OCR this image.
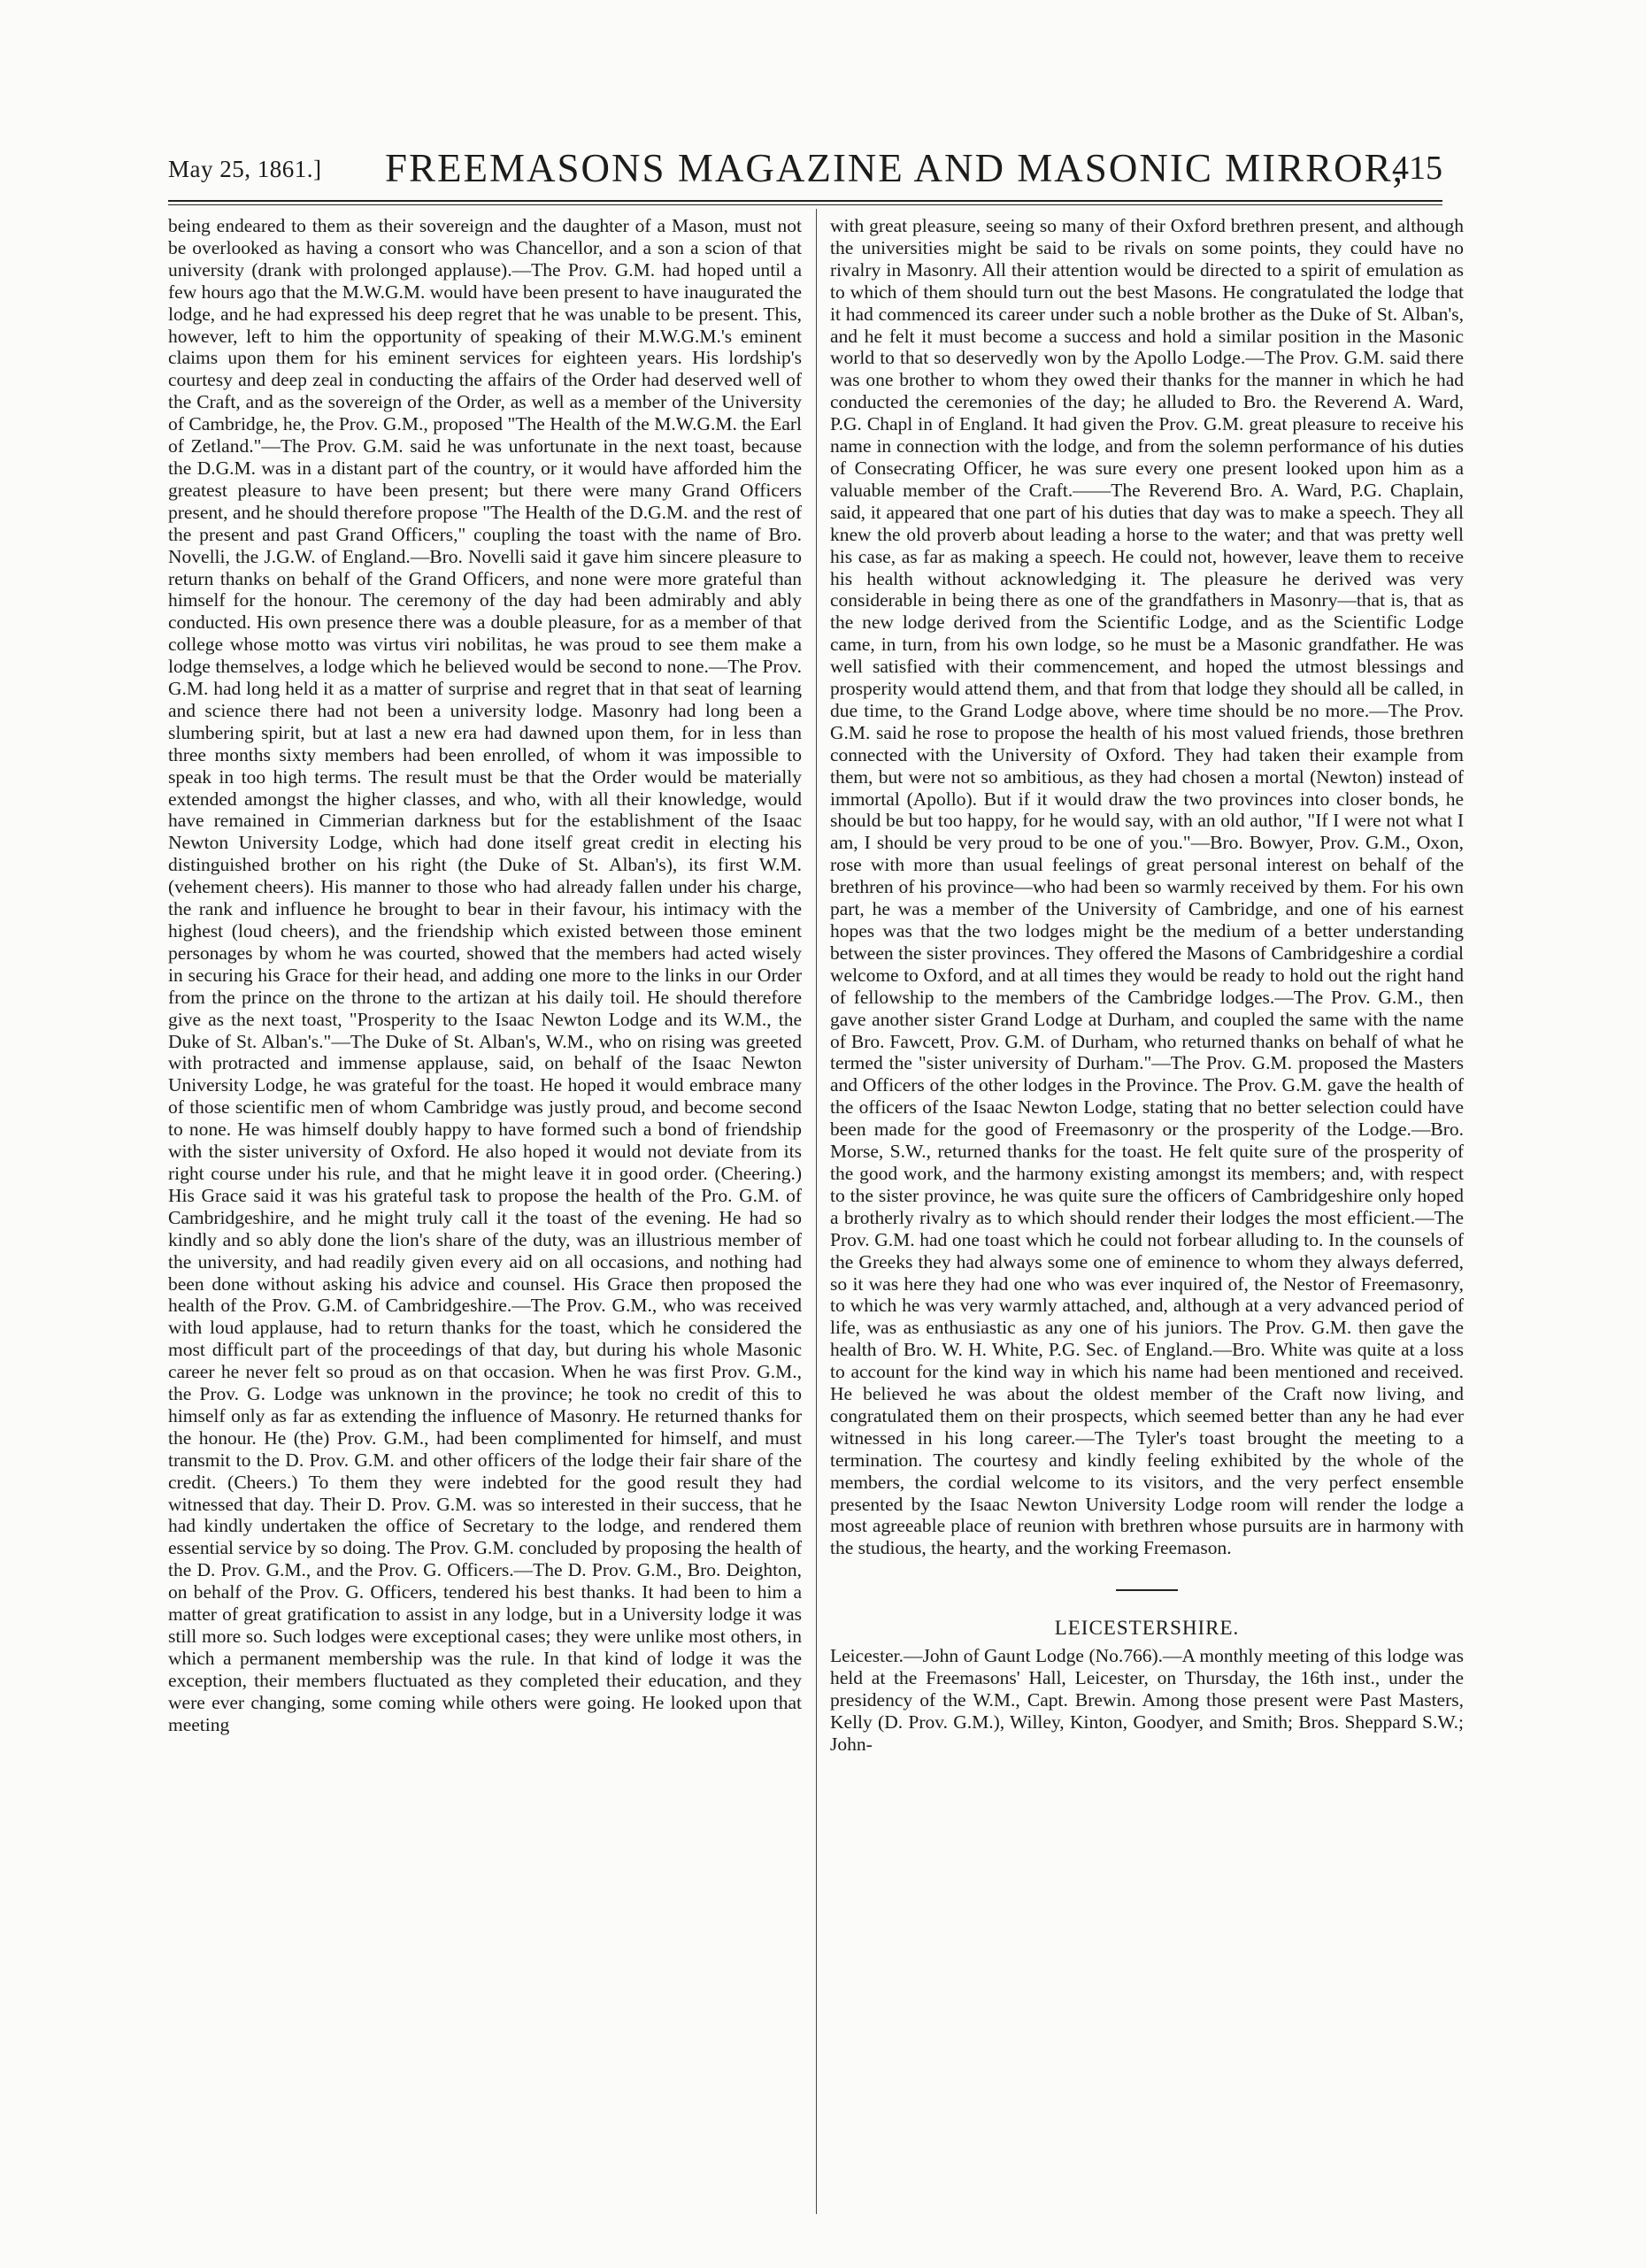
May 25, 1861.] FREEMASONS MAGAZINE AND MASONIC MIRROR,
415

being endeared to them as their sovereign and the daughter of a Mason, must not be overlooked as having a consort who was Chancellor, and a son a scion of that university (drank with prolonged applause).—The Prov. G.M. had hoped until a few hours ago that the M.W.G.M. would have been present to have inaugurated the lodge, and he had expressed his deep regret that he was unable to be present. This, however, left to him the opportunity of speaking of their M.W.G.M.'s eminent claims upon them for his eminent services for eighteen years. His lordship's courtesy and deep zeal in conducting the affairs of the Order had deserved well of the Craft, and as the sovereign of the Order, as well as a member of the University of Cambridge, he, the Prov. G.M., proposed "The Health of the M.W.G.M. the Earl of Zetland."—The Prov. G.M. said he was unfortunate in the next toast, because the D.G.M. was in a distant part of the country, or it would have afforded him the greatest pleasure to have been present; but there were many Grand Officers present, and he should therefore propose "The Health of the D.G.M. and the rest of the present and past Grand Officers," coupling the toast with the name of Bro. Novelli, the J.G.W. of England.—Bro. Novelli said it gave him sincere pleasure to return thanks on behalf of the Grand Officers, and none were more grateful than himself for the honour. The ceremony of the day had been admirably and ably conducted. His own presence there was a double pleasure, for as a member of that college whose motto was virtus viri nobilitas, he was proud to see them make a lodge themselves, a lodge which he believed would be second to none.—The Prov. G.M. had long held it as a matter of surprise and regret that in that seat of learning and science there had not been a university lodge. Masonry had long been a slumbering spirit, but at last a new era had dawned upon them, for in less than three months sixty members had been enrolled, of whom it was impossible to speak in too high terms. The result must be that the Order would be materially extended amongst the higher classes, and who, with all their knowledge, would have remained in Cimmerian darkness but for the establishment of the Isaac Newton University Lodge, which had done itself great credit in electing his distinguished brother on his right (the Duke of St. Alban's), its first W.M. (vehement cheers). His manner to those who had already fallen under his charge, the rank and influence he brought to bear in their favour, his intimacy with the highest (loud cheers), and the friendship which existed between those eminent personages by whom he was courted, showed that the members had acted wisely in securing his Grace for their head, and adding one more to the links in our Order from the prince on the throne to the artizan at his daily toil. He should therefore give as the next toast, "Prosperity to the Isaac Newton Lodge and its W.M., the Duke of St. Alban's."—The Duke of St. Alban's, W.M., who on rising was greeted with protracted and immense applause, said, on behalf of the Isaac Newton University Lodge, he was grateful for the toast. He hoped it would embrace many of those scientific men of whom Cambridge was justly proud, and become second to none. He was himself doubly happy to have formed such a bond of friendship with the sister university of Oxford. He also hoped it would not deviate from its right course under his rule, and that he might leave it in good order. (Cheering.) His Grace said it was his grateful task to propose the health of the Pro. G.M. of Cambridgeshire, and he might truly call it the toast of the evening. He had so kindly and so ably done the lion's share of the duty, was an illustrious member of the university, and had readily given every aid on all occasions, and nothing had been done without asking his advice and counsel. His Grace then proposed the health of the Prov. G.M. of Cambridgeshire.—The Prov. G.M., who was received with loud applause, had to return thanks for the toast, which he considered the most difficult part of the proceedings of that day, but during his whole Masonic career he never felt so proud as on that occasion. When he was first Prov. G.M., the Prov. G. Lodge was unknown in the province; he took no credit of this to himself only as far as extending the influence of Masonry. He returned thanks for the honour. He (the) Prov. G.M., had been complimented for himself, and must transmit to the D. Prov. G.M. and other officers of the lodge their fair share of the credit. (Cheers.) To them they were indebted for the good result they had witnessed that day. Their D. Prov. G.M. was so interested in their success, that he had kindly undertaken the office of Secretary to the lodge, and rendered them essential service by so doing. The Prov. G.M. concluded by proposing the health of the D. Prov. G.M., and the Prov. G. Officers.—The D. Prov. G.M., Bro. Deighton, on behalf of the Prov. G. Officers, tendered his best thanks. It had been to him a matter of great gratification to assist in any lodge, but in a University lodge it was still more so. Such lodges were exceptional cases; they were unlike most others, in which a permanent membership was the rule. In that kind of lodge it was the exception, their members fluctuated as they completed their education, and they were ever changing, some coming while others were going. He looked upon that meeting

with great pleasure, seeing so many of their Oxford brethren present, and although the universities might be said to be rivals on some points, they could have no rivalry in Masonry. All their attention would be directed to a spirit of emulation as to which of them should turn out the best Masons. He congratulated the lodge that it had commenced its career under such a noble brother as the Duke of St. Alban's, and he felt it must become a success and hold a similar position in the Masonic world to that so deservedly won by the Apollo Lodge.—The Prov. G.M. said there was one brother to whom they owed their thanks for the manner in which he had conducted the ceremonies of the day; he alluded to Bro. the Reverend A. Ward, P.G. Chapl in of England. It had given the Prov. G.M. great pleasure to receive his name in connection with the lodge, and from the solemn performance of his duties of Consecrating Officer, he was sure every one present looked upon him as a valuable member of the Craft.——The Reverend Bro. A. Ward, P.G. Chaplain, said, it appeared that one part of his duties that day was to make a speech. They all knew the old proverb about leading a horse to the water; and that was pretty well his case, as far as making a speech. He could not, however, leave them to receive his health without acknowledging it. The pleasure he derived was very considerable in being there as one of the grandfathers in Masonry—that is, that as the new lodge derived from the Scientific Lodge, and as the Scientific Lodge came, in turn, from his own lodge, so he must be a Masonic grandfather. He was well satisfied with their commencement, and hoped the utmost blessings and prosperity would attend them, and that from that lodge they should all be called, in due time, to the Grand Lodge above, where time should be no more.—The Prov. G.M. said he rose to propose the health of his most valued friends, those brethren connected with the University of Oxford. They had taken their example from them, but were not so ambitious, as they had chosen a mortal (Newton) instead of immortal (Apollo). But if it would draw the two provinces into closer bonds, he should be but too happy, for he would say, with an old author, "If I were not what I am, I should be very proud to be one of you."—Bro. Bowyer, Prov. G.M., Oxon, rose with more than usual feelings of great personal interest on behalf of the brethren of his province—who had been so warmly received by them. For his own part, he was a member of the University of Cambridge, and one of his earnest hopes was that the two lodges might be the medium of a better understanding between the sister provinces. They offered the Masons of Cambridgeshire a cordial welcome to Oxford, and at all times they would be ready to hold out the right hand of fellowship to the members of the Cambridge lodges.—The Prov. G.M., then gave another sister Grand Lodge at Durham, and coupled the same with the name of Bro. Fawcett, Prov. G.M. of Durham, who returned thanks on behalf of what he termed the "sister university of Durham."—The Prov. G.M. proposed the Masters and Officers of the other lodges in the Province. The Prov. G.M. gave the health of the officers of the Isaac Newton Lodge, stating that no better selection could have been made for the good of Freemasonry or the prosperity of the Lodge.—Bro. Morse, S.W., returned thanks for the toast. He felt quite sure of the prosperity of the good work, and the harmony existing amongst its members; and, with respect to the sister province, he was quite sure the officers of Cambridgeshire only hoped a brotherly rivalry as to which should render their lodges the most efficient.—The Prov. G.M. had one toast which he could not forbear alluding to. In the counsels of the Greeks they had always some one of eminence to whom they always deferred, so it was here they had one who was ever inquired of, the Nestor of Freemasonry, to which he was very warmly attached, and, although at a very advanced period of life, was as enthusiastic as any one of his juniors. The Prov. G.M. then gave the health of Bro. W. H. White, P.G. Sec. of England.—Bro. White was quite at a loss to account for the kind way in which his name had been mentioned and received. He believed he was about the oldest member of the Craft now living, and congratulated them on their prospects, which seemed better than any he had ever witnessed in his long career.—The Tyler's toast brought the meeting to a termination. The courtesy and kindly feeling exhibited by the whole of the members, the cordial welcome to its visitors, and the very perfect ensemble presented by the Isaac Newton University Lodge room will render the lodge a most agreeable place of reunion with brethren whose pursuits are in harmony with the studious, the hearty, and the working Freemason.

LEICESTERSHIRE.

Leicester.—John of Gaunt Lodge (No.766).—A monthly meeting of this lodge was held at the Freemasons' Hall, Leicester, on Thursday, the 16th inst., under the presidency of the W.M., Capt. Brewin. Among those present were Past Masters, Kelly (D. Prov. G.M.), Willey, Kinton, Goodyer, and Smith; Bros. Sheppard S.W.; John-
